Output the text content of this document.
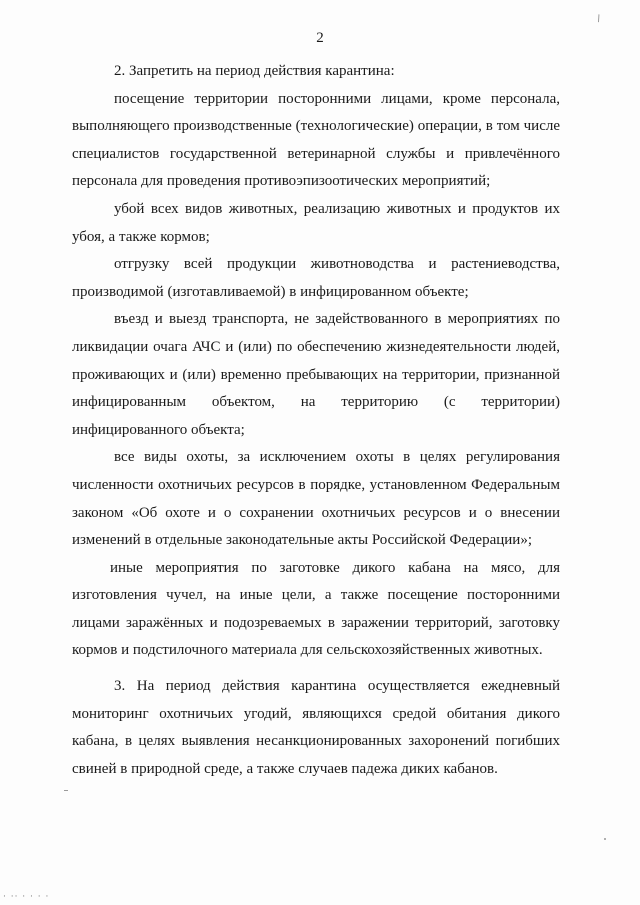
2

2. Запретить на период действия карантина:

посещение территории посторонними лицами, кроме персонала, выполняющего производственные (технологические) операции, в том числе специалистов государственной ветеринарной службы и привлечённого персонала для проведения противоэпизоотических мероприятий;

убой всех видов животных, реализацию животных и продуктов их убоя, а также кормов;

отгрузку всей продукции животноводства и растениеводства, производимой (изготавливаемой) в инфицированном объекте;

въезд и выезд транспорта, не задействованного в мероприятиях по ликвидации очага АЧС и (или) по обеспечению жизнедеятельности людей, проживающих и (или) временно пребывающих на территории, признанной инфицированным объектом, на территорию (с территории) инфицированного объекта;

все виды охоты, за исключением охоты в целях регулирования численности охотничьих ресурсов в порядке, установленном Федеральным законом «Об охоте и о сохранении охотничьих ресурсов и о внесении изменений в отдельные законодательные акты Российской Федерации»;

иные мероприятия по заготовке дикого кабана на мясо, для изготовления чучел, на иные цели, а также посещение посторонними лицами заражённых и подозреваемых в заражении территорий, заготовку кормов и подстилочного материала для сельскохозяйственных животных.

3. На период действия карантина осуществляется ежедневный мониторинг охотничьих угодий, являющихся средой обитания дикого кабана, в целях выявления несанкционированных захоронений погибших свиней в природной среде, а также случаев падежа диких кабанов.

\
· ·· · · · ·
